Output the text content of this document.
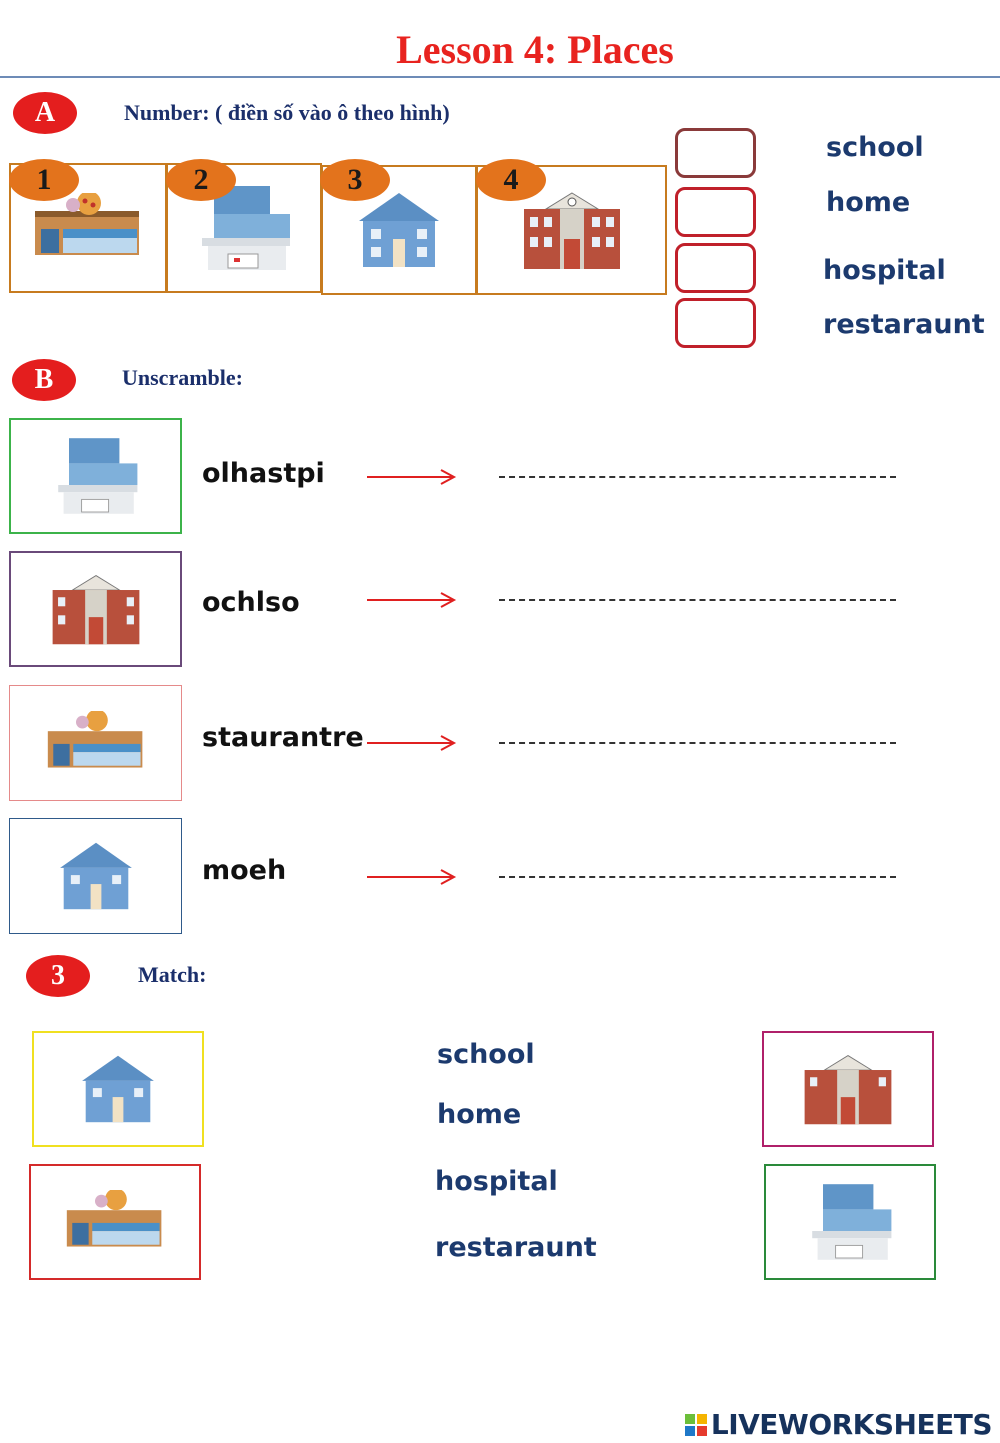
Lesson 4: Places
A	Number: ( điền số vào ô theo hình)
1	2	3	4
school
home
hospital
restaraunt
B	Unscramble:
olhastpi
ochlso
staurantre
moeh
3	Match:
school
home
hospital
restaraunt
LIVEWORKSHEETS
